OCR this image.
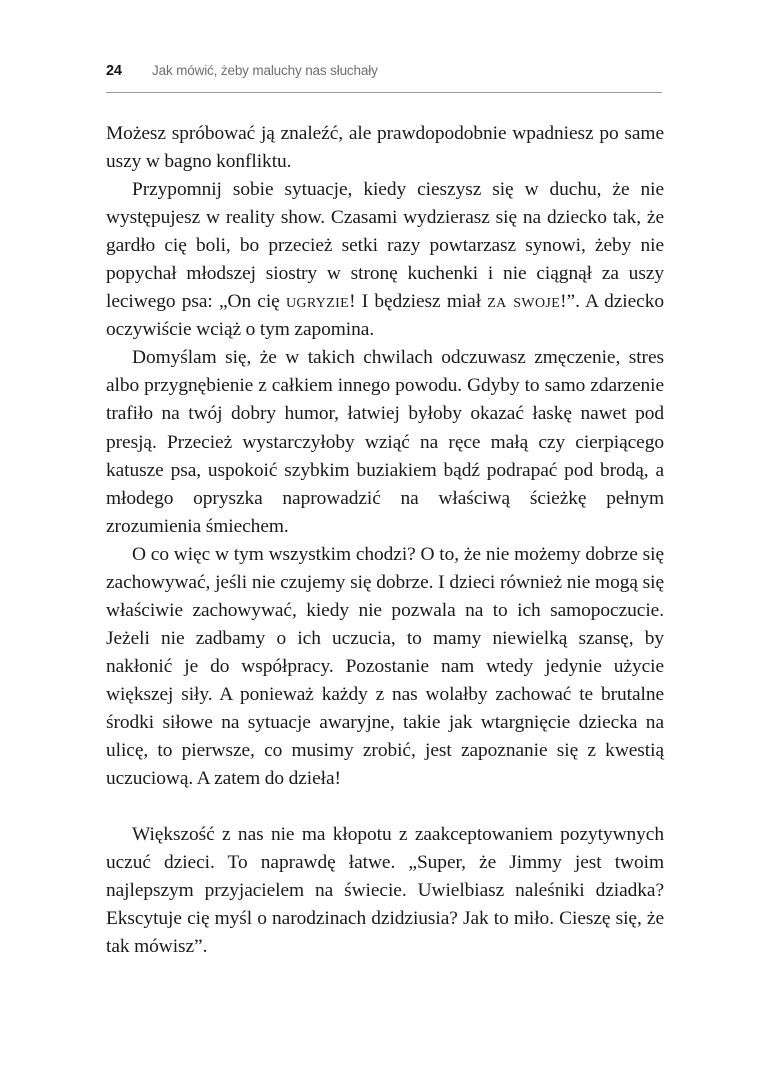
24	Jak mówić, żeby maluchy nas słuchały

Możesz spróbować ją znaleźć, ale prawdopodobnie wpadniesz po same uszy w bagno konfliktu.

Przypomnij sobie sytuacje, kiedy cieszysz się w duchu, że nie występujesz w reality show. Czasami wydzierasz się na dziecko tak, że gardło cię boli, bo przecież setki razy powtarzasz synowi, żeby nie popychał młodszej siostry w stronę kuchenki i nie ciągnął za uszy leciwego psa: „On cię ugryzie! I będziesz miał za swoje!”. A dziecko oczywiście wciąż o tym zapomina.

Domyślam się, że w takich chwilach odczuwasz zmęczenie, stres albo przygnębienie z całkiem innego powodu. Gdyby to samo zdarzenie trafiło na twój dobry humor, łatwiej byłoby okazać łaskę nawet pod presją. Przecież wystarczyłoby wziąć na ręce małą czy cierpiącego katusze psa, uspokoić szybkim buziakiem bądź podrapać pod brodą, a młodego opryszka naprowadzić na właściwą ścieżkę pełnym zrozumienia śmiechem.

O co więc w tym wszystkim chodzi? O to, że nie możemy dobrze się zachowywać, jeśli nie czujemy się dobrze. I dzieci również nie mogą się właściwie zachowywać, kiedy nie pozwala na to ich samopoczucie. Jeżeli nie zadbamy o ich uczucia, to mamy niewielką szansę, by nakłonić je do współpracy. Pozostanie nam wtedy jedynie użycie większej siły. A ponieważ każdy z nas wolałby zachować te brutalne środki siłowe na sytuacje awaryjne, takie jak wtargnięcie dziecka na ulicę, to pierwsze, co musimy zrobić, jest zapoznanie się z kwestią uczuciową. A zatem do dzieła!

Większość z nas nie ma kłopotu z zaakceptowaniem pozytywnych uczuć dzieci. To naprawdę łatwe. „Super, że Jimmy jest twoim najlepszym przyjacielem na świecie. Uwielbiasz naleśniki dziadka? Ekscytuje cię myśl o narodzinach dzidziusia? Jak to miło. Cieszę się, że tak mówisz”.
